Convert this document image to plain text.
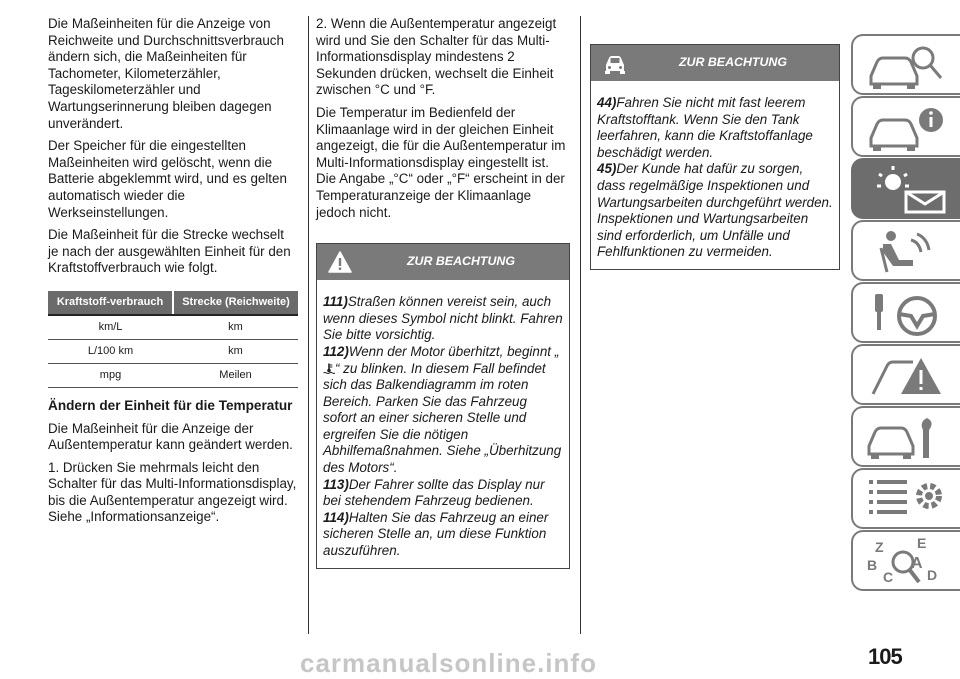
Die Maßeinheiten für die Anzeige von Reichweite und Durchschnittsverbrauch ändern sich, die Maßeinheiten für Tachometer, Kilometerzähler, Tageskilometerzähler und Wartungserinnerung bleiben dagegen unverändert.

Der Speicher für die eingestellten Maßeinheiten wird gelöscht, wenn die Batterie abgeklemmt wird, und es gelten automatisch wieder die Werkseinstellungen.

Die Maßeinheit für die Strecke wechselt je nach der ausgewählten Einheit für den Kraftstoffverbrauch wie folgt.

Kraftstoff-verbrauch	Strecke (Reichweite)
km/L	km
L/100 km	km
mpg	Meilen
Ändern der Einheit für die Temperatur

Die Maßeinheit für die Anzeige der Außentemperatur kann geändert werden.

1. Drücken Sie mehrmals leicht den Schalter für das Multi-Informationsdisplay, bis die Außentemperatur angezeigt wird. Siehe „Informationsanzeige“.

2. Wenn die Außentemperatur angezeigt wird und Sie den Schalter für das Multi-Informationsdisplay mindestens 2 Sekunden drücken, wechselt die Einheit zwischen °C und °F.

Die Temperatur im Bedienfeld der Klimaanlage wird in der gleichen Einheit angezeigt, die für die Außentemperatur im Multi-Informationsdisplay eingestellt ist. Die Angabe „°C“ oder „°F“ erscheint in der Temperaturanzeige der Klimaanlage jedoch nicht.

ZUR BEACHTUNG

111)Straßen können vereist sein, auch wenn dieses Symbol nicht blinkt. Fahren Sie bitte vorsichtig.

112)Wenn der Motor überhitzt, beginnt „“ zu blinken. In diesem Fall befindet sich das Balkendiagramm im roten Bereich. Parken Sie das Fahrzeug sofort an einer sicheren Stelle und ergreifen Sie die nötigen Abhilfemaßnahmen. Siehe „Überhitzung des Motors“.

113)Der Fahrer sollte das Display nur bei stehendem Fahrzeug bedienen.

114)Halten Sie das Fahrzeug an einer sicheren Stelle an, um diese Funktion auszuführen.

ZUR BEACHTUNG

44)Fahren Sie nicht mit fast leerem Kraftstofftank. Wenn Sie den Tank leerfahren, kann die Kraftstoffanlage beschädigt werden.

45)Der Kunde hat dafür zu sorgen, dass regelmäßige Inspektionen und Wartungsarbeiten durchgeführt werden. Inspektionen und Wartungsarbeiten sind erforderlich, um Unfälle und Fehlfunktionen zu vermeiden.

Z E
B
C
A
D
carmanualsonline.info	105
